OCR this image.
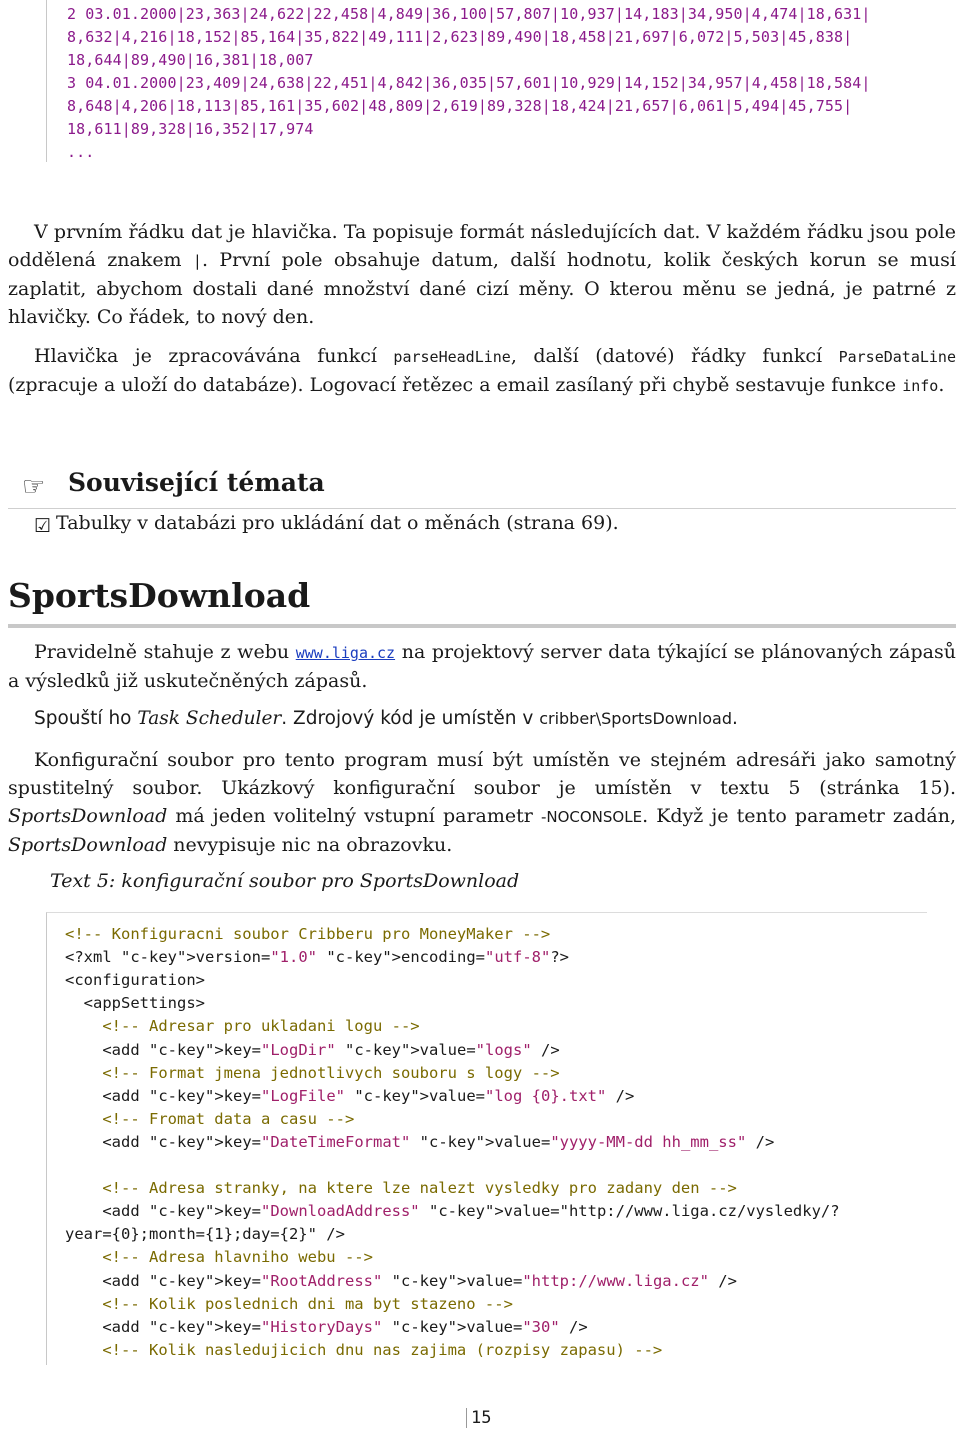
2 03.01.2000|23,363|24,622|22,458|4,849|36,100|57,807|10,937|14,183|34,950|4,474|18,631|
8,632|4,216|18,152|85,164|35,822|49,111|2,623|89,490|18,458|21,697|6,072|5,503|45,838|
18,644|89,490|16,381|18,007
3 04.01.2000|23,409|24,638|22,451|4,842|36,035|57,601|10,929|14,152|34,957|4,458|18,584|
8,648|4,206|18,113|85,161|35,602|48,809|2,619|89,328|18,424|21,657|6,061|5,494|45,755|
18,611|89,328|16,352|17,974
...

V prvním řádku dat je hlavička. Ta popisuje formát následujících dat. V každém řádku jsou pole oddělená znakem |. První pole obsahuje datum, další hodnotu, kolik českých korun se musí zaplatit, abychom dostali dané množství dané cizí měny. O kterou měnu se jedná, je patrné z hlavičky. Co řádek, to nový den.

Hlavička je zpracovávána funkcí parseHeadLine, další (datové) řádky funkcí ParseDataLine (zpracuje a uloží do databáze). Logovací řetězec a email zasílaný při chybě sestavuje funkce info.

☞ Související témata
☑ Tabulky v databázi pro ukládání dat o měnách (strana 69).
SportsDownload

Pravidelně stahuje z webu www.liga.cz na projektový server data týkající se plánovaných zápasů a výsledků již uskutečněných zápasů.

Spouští ho Task Scheduler. Zdrojový kód je umístěn v cribber\SportsDownload.

Konfigurační soubor pro tento program musí být umístěn ve stejném adresáři jako samotný spustitelný soubor. Ukázkový konfigurační soubor je umístěn v textu 5 (stránka 15). SportsDownload má jeden volitelný vstupní parametr -NOCONSOLE. Když je tento parametr zadán, SportsDownload nevypisuje nic na obrazovku.

Text 5: konfigurační soubor pro SportsDownload
<!-- Konfiguracni soubor Cribberu pro MoneyMaker -->
<?xml "c-key">version="1.0" "c-key">encoding="utf-8"?>
<configuration>
<appSettings>
<!-- Adresar pro ukladani logu -->
<add "c-key">key="LogDir" "c-key">value="logs" />
<!-- Format jmena jednotlivych souboru s logy -->
<add "c-key">key="LogFile" "c-key">value="log {0}.txt" />
<!-- Fromat data a casu -->
<add "c-key">key="DateTimeFormat" "c-key">value="yyyy-MM-dd hh_mm_ss" />
<!-- Adresa stranky, na ktere lze nalezt vysledky pro zadany den -->
<add "c-key">key="DownloadAddress" "c-key">value="http://www.liga.cz/vysledky/?
year={0};month={1};day={2}" />
<!-- Adresa hlavniho webu -->
<add "c-key">key="RootAddress" "c-key">value="http://www.liga.cz" />
<!-- Kolik poslednich dni ma byt stazeno -->
<add "c-key">key="HistoryDays" "c-key">value="30" />
<!-- Kolik nasledujicich dnu nas zajima (rozpisy zapasu) -->
15
